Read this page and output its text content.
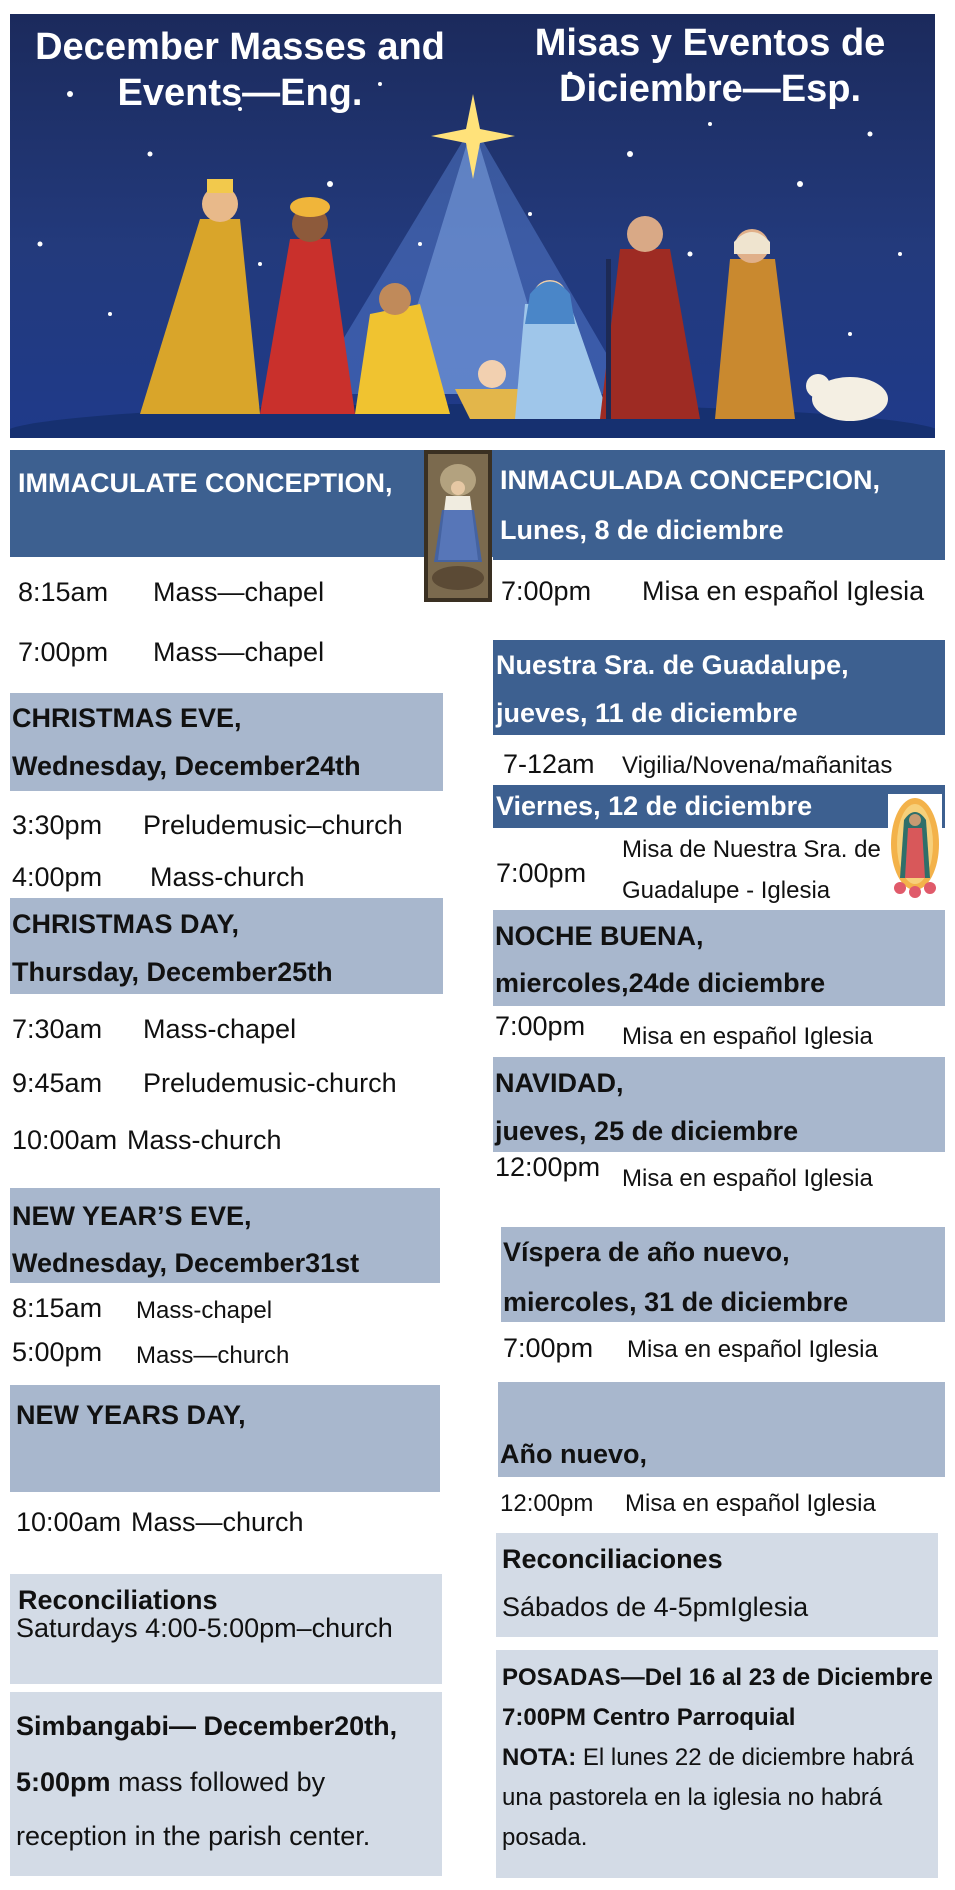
December Masses and
Events—Eng.
Misas y Eventos de
Diciembre—Esp.
IMMACULATE CONCEPTION,
8:15am Mass—chapel
7:00pm Mass—chapel
CHRISTMAS EVE,
Wednesday, December24th
3:30pm Preludemusic–church
4:00pm Mass-church
CHRISTMAS DAY,
Thursday, December25th
7:30am Mass-chapel
9:45am Preludemusic-church
10:00am Mass-church
NEW YEAR’S EVE,
Wednesday, December31st
8:15am Mass-chapel
5:00pm Mass—church
NEW YEARS DAY,
10:00am Mass—church
Reconciliations
Saturdays 4:00-5:00pm–church
Simbangabi— December20th,
5:00pm mass followed by
reception in the parish center.
INMACULADA CONCEPCION,
Lunes, 8 de diciembre
7:00pm Misa en español Iglesia
Nuestra Sra. de Guadalupe,
jueves, 11 de diciembre
7-12am Vigilia/Novena/mañanitas
Viernes, 12 de diciembre
7:00pm
Misa de Nuestra Sra. de
Guadalupe - Iglesia
NOCHE BUENA,
miercoles,24de diciembre
7:00pm Misa en español Iglesia
NAVIDAD,
jueves, 25 de diciembre
12:00pm Misa en español Iglesia
Víspera de año nuevo,
miercoles, 31 de diciembre
7:00pm Misa en español Iglesia
Año nuevo,
12:00pm Misa en español Iglesia
Reconciliaciones
Sábados de 4-5pmIglesia
POSADAS—Del 16 al 23 de Diciembre
7:00PM Centro Parroquial
NOTA: El lunes 22 de diciembre habrá
una pastorela en la iglesia no habrá
posada.
